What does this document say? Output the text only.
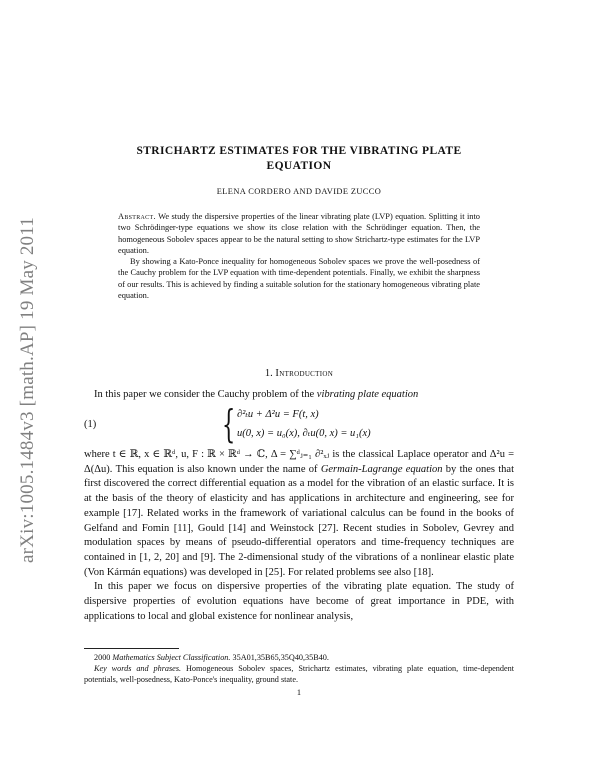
arXiv:1005.1484v3 [math.AP] 19 May 2011
STRICHARTZ ESTIMATES FOR THE VIBRATING PLATE
EQUATION
ELENA CORDERO AND DAVIDE ZUCCO

Abstract. We study the dispersive properties of the linear vibrating plate (LVP) equation. Splitting it into two Schrödinger-type equations we show its close relation with the Schrödinger equation. Then, the homogeneous Sobolev spaces appear to be the natural setting to show Strichartz-type estimates for the LVP equation.

By showing a Kato-Ponce inequality for homogeneous Sobolev spaces we prove the well-posedness of the Cauchy problem for the LVP equation with time-dependent potentials. Finally, we exhibit the sharpness of our results. This is achieved by finding a suitable solution for the stationary homogeneous vibrating plate equation.

1. Introduction

In this paper we consider the Cauchy problem of the vibrating plate equation

(1)	{ ∂²ₜu + Δ²u = F(t, x)
u(0, x) = u₀(x), ∂ₜu(0, x) = u₁(x)

where t ∈ ℝ, x ∈ ℝᵈ, u, F : ℝ × ℝᵈ → ℂ, Δ = ∑ᵈⱼ₌₁ ∂²ₓⱼ is the classical Laplace operator and Δ²u = Δ(Δu). This equation is also known under the name of Germain-Lagrange equation by the ones that first discovered the correct differential equation as a model for the vibration of an elastic surface. It is at the basis of the theory of elasticity and has applications in architecture and engineering, see for example [17]. Related works in the framework of variational calculus can be found in the books of Gelfand and Fomin [11], Gould [14] and Weinstock [27]. Recent studies in Sobolev, Gevrey and modulation spaces by means of pseudo-differential operators and time-frequency techniques are contained in [1, 2, 20] and [9]. The 2-dimensional study of the vibrations of a nonlinear elastic plate (Von Kármán equations) was developed in [25]. For related problems see also [18].

In this paper we focus on dispersive properties of the vibrating plate equation. The study of dispersive properties of evolution equations have become of great importance in PDE, with applications to local and global existence for nonlinear analysis,

2000 Mathematics Subject Classification. 35A01,35B65,35Q40,35B40.

Key words and phrases. Homogeneous Sobolev spaces, Strichartz estimates, vibrating plate equation, time-dependent potentials, well-posedness, Kato-Ponce's inequality, ground state.

1
